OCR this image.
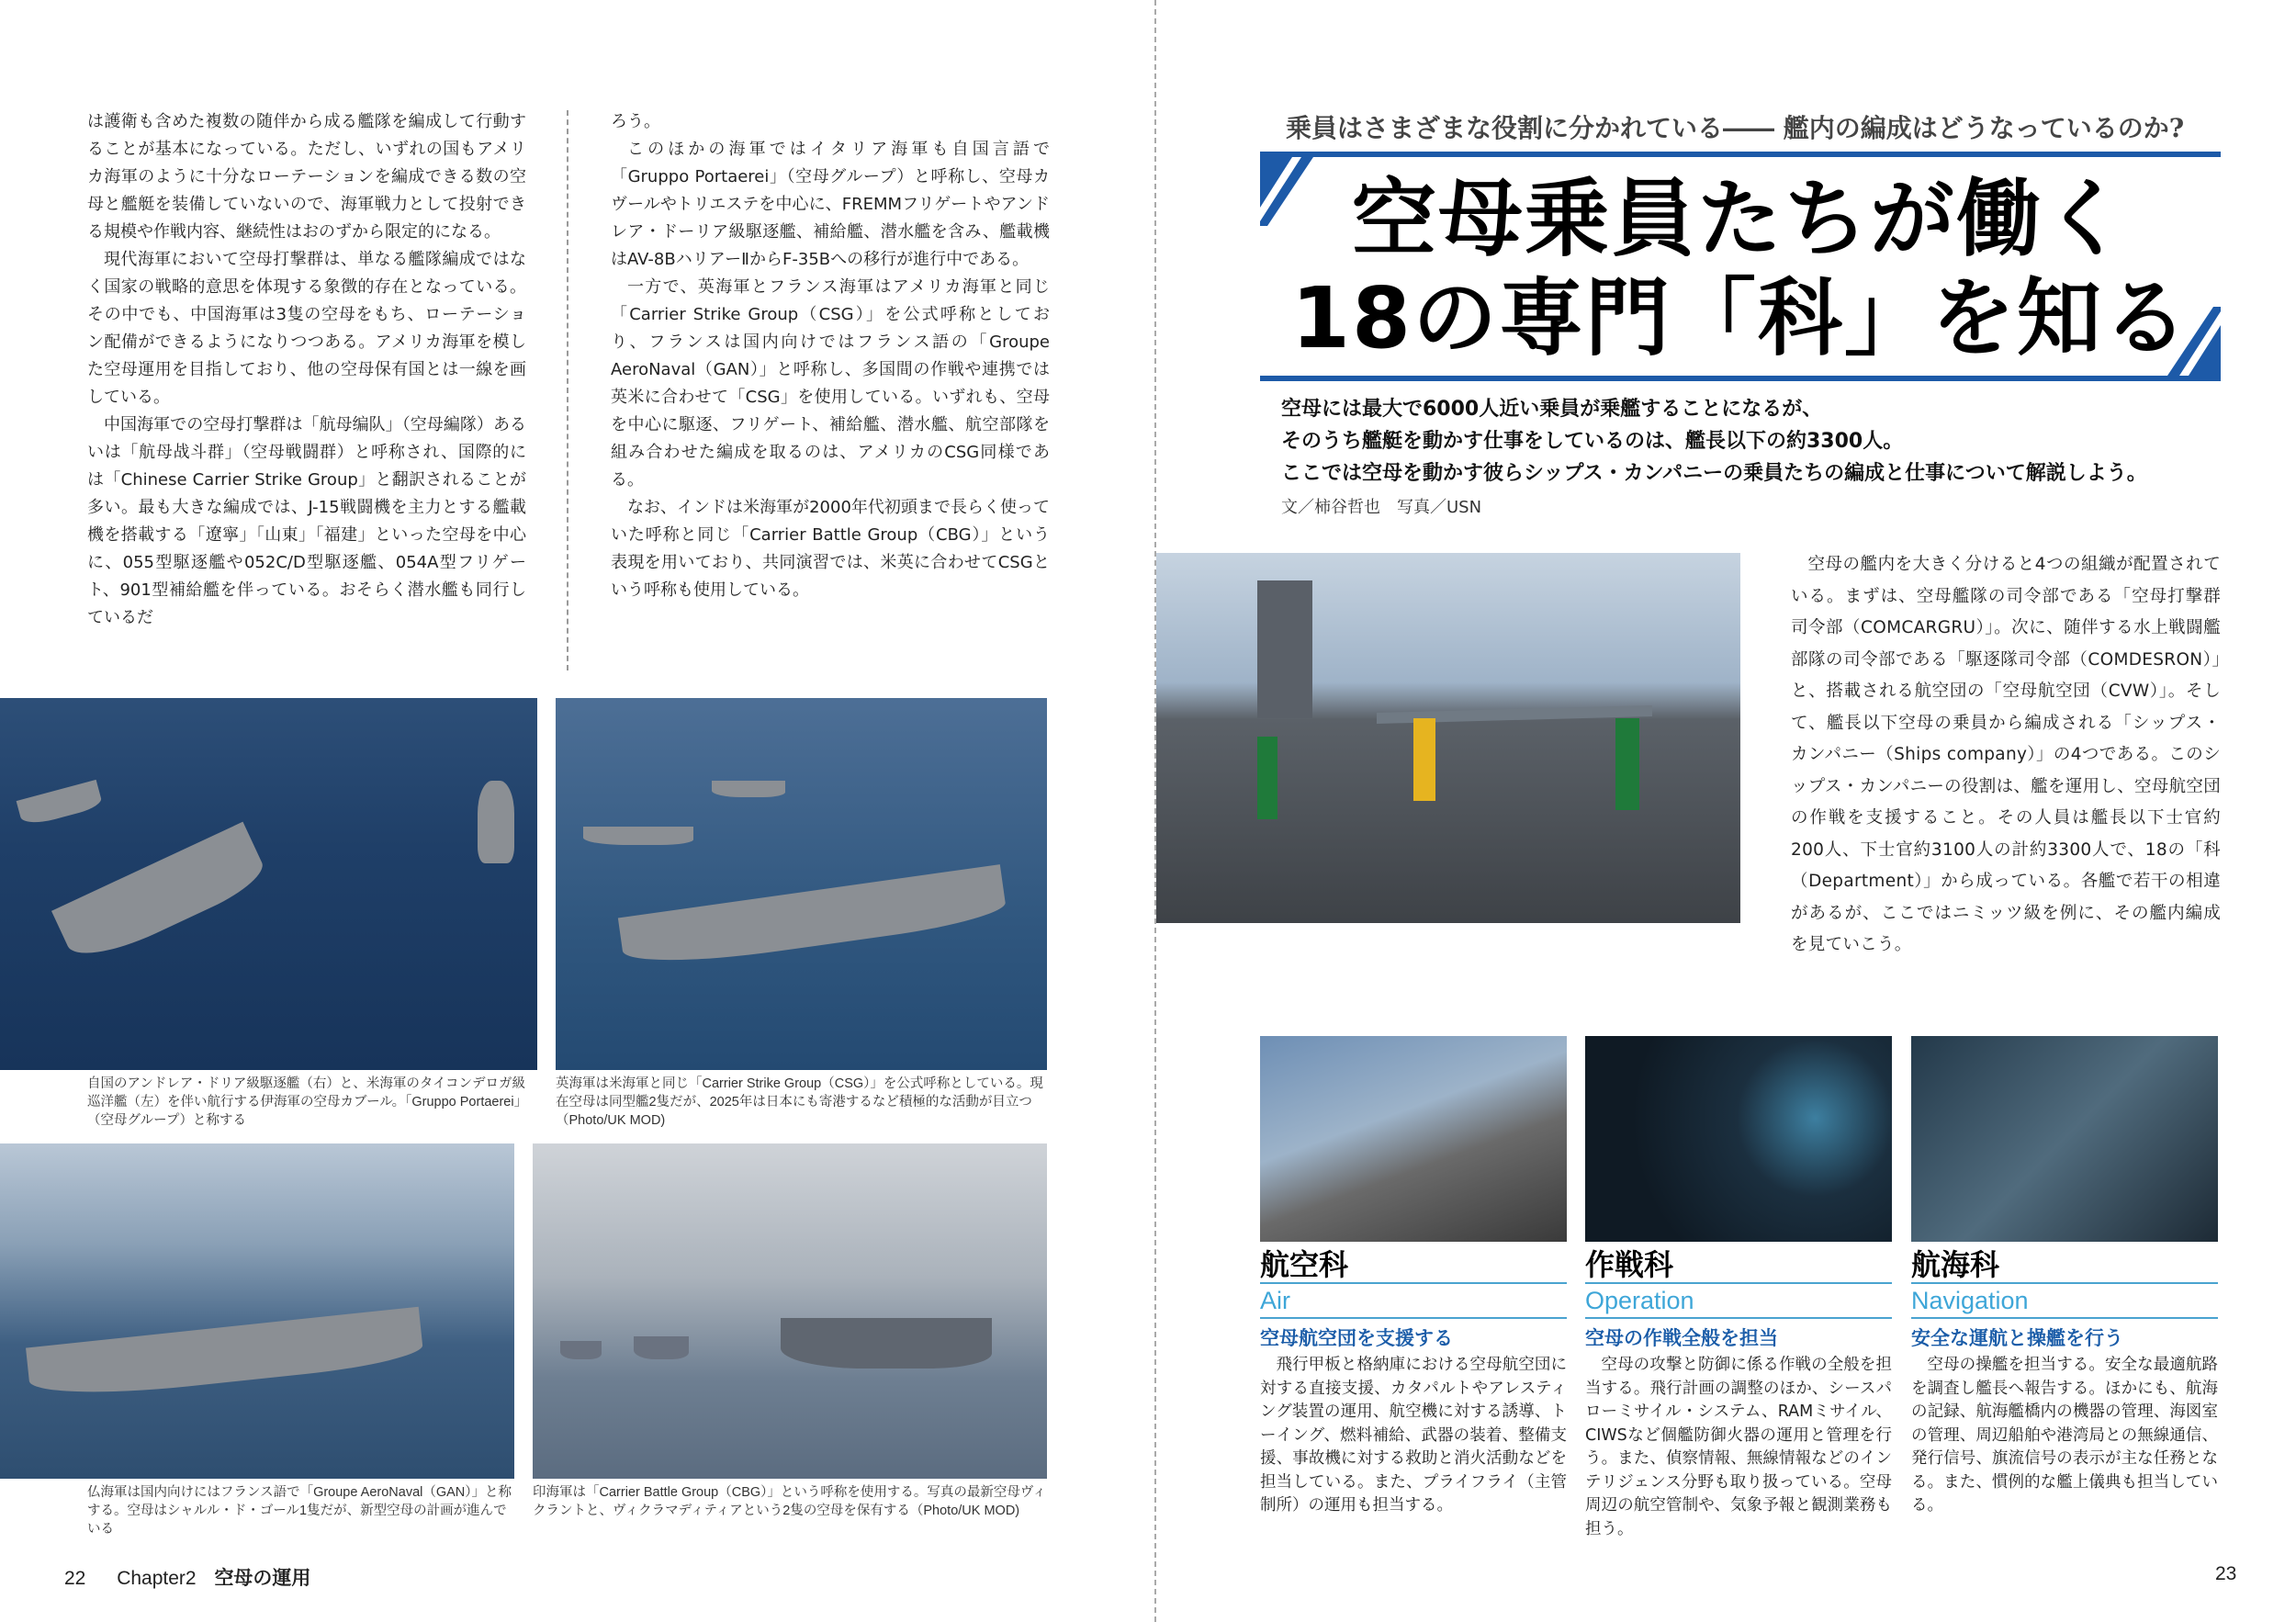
は護衛も含めた複数の随伴から成る艦隊を編成して行動することが基本になっている。ただし、いずれの国もアメリカ海軍のように十分なローテーションを編成できる数の空母と艦艇を装備していないので、海軍戦力として投射できる規模や作戦内容、継続性はおのずから限定的になる。

現代海軍において空母打撃群は、単なる艦隊編成ではなく国家の戦略的意思を体現する象徴的存在となっている。その中でも、中国海軍は3隻の空母をもち、ローテーション配備ができるようになりつつある。アメリカ海軍を模した空母運用を目指しており、他の空母保有国とは一線を画している。

中国海軍での空母打撃群は「航母编队」（空母編隊）あるいは「航母战斗群」（空母戦闘群）と呼称され、国際的には「Chinese Carrier Strike Group」と翻訳されることが多い。最も大きな編成では、J-15戦闘機を主力とする艦載機を搭載する「遼寧」「山東」「福建」といった空母を中心に、055型駆逐艦や052C/D型駆逐艦、054A型フリゲート、901型補給艦を伴っている。おそらく潜水艦も同行しているだ

ろう。

このほかの海軍ではイタリア海軍も自国言語で「Gruppo Portaerei」（空母グループ）と呼称し、空母カヴールやトリエステを中心に、FREMMフリゲートやアンドレア・ドーリア級駆逐艦、補給艦、潜水艦を含み、艦載機はAV-8BハリアーⅡからF-35Bへの移行が進行中である。

一方で、英海軍とフランス海軍はアメリカ海軍と同じ「Carrier Strike Group（CSG）」を公式呼称としており、フランスは国内向けではフランス語の「Groupe AeroNaval（GAN）」と呼称し、多国間の作戦や連携では英米に合わせて「CSG」を使用している。いずれも、空母を中心に駆逐、フリゲート、補給艦、潜水艦、航空部隊を組み合わせた編成を取るのは、アメリカのCSG同様である。

なお、インドは米海軍が2000年代初頭まで長らく使っていた呼称と同じ「Carrier Battle Group（CBG）」という表現を用いており、共同演習では、米英に合わせてCSGという呼称も使用している。

自国のアンドレア・ドリア級駆逐艦（右）と、米海軍のタイコンデロガ級巡洋艦（左）を伴い航行する伊海軍の空母カブール。「Gruppo Portaerei」（空母グループ）と称する
英海軍は米海軍と同じ「Carrier Strike Group（CSG）」を公式呼称としている。現在空母は同型艦2隻だが、2025年は日本にも寄港するなど積極的な活動が目立つ（Photo/UK MOD)
仏海軍は国内向けにはフランス語で「Groupe AeroNaval（GAN）」と称する。空母はシャルル・ド・ゴール1隻だが、新型空母の計画が進んでいる
印海軍は「Carrier Battle Group（CBG）」という呼称を使用する。写真の最新空母ヴィクラントと、ヴィクラマディティアという2隻の空母を保有する（Photo/UK MOD)
22 Chapter2 空母の運用
乗員はさまざまな役割に分かれている―― 艦内の編成はどうなっているのか?
空母乗員たちが働く
18の専門「科」を知る
空母には最大で6000人近い乗員が乗艦することになるが、
そのうち艦艇を動かす仕事をしているのは、艦長以下の約3300人。
ここでは空母を動かす彼らシップス・カンパニーの乗員たちの編成と仕事について解説しよう。
文／柿谷哲也　写真／USN

空母の艦内を大きく分けると4つの組織が配置されている。まずは、空母艦隊の司令部である「空母打撃群司令部（COMCARGRU）」。次に、随伴する水上戦闘艦部隊の司令部である「駆逐隊司令部（COMDESRON）」と、搭載される航空団の「空母航空団（CVW）」。そして、艦長以下空母の乗員から編成される「シップス・カンパニー（Ships company）」の4つである。このシップス・カンパニーの役割は、艦を運用し、空母航空団の作戦を支援すること。その人員は艦長以下士官約200人、下士官約3100人の計約3300人で、18の「科（Department）」から成っている。各艦で若干の相違があるが、ここではニミッツ級を例に、その艦内編成を見ていこう。

航空科
Air
空母航空団を支援する
飛行甲板と格納庫における空母航空団に対する直接支援、カタパルトやアレスティング装置の運用、航空機に対する誘導、トーイング、燃料補給、武器の装着、整備支援、事故機に対する救助と消火活動などを担当している。また、プライフライ（主管制所）の運用も担当する。
作戦科
Operation
空母の作戦全般を担当
空母の攻撃と防御に係る作戦の全般を担当する。飛行計画の調整のほか、シースパローミサイル・システム、RAMミサイル、CIWSなど個艦防御火器の運用と管理を行う。また、偵察情報、無線情報などのインテリジェンス分野も取り扱っている。空母周辺の航空管制や、気象予報と観測業務も担う。
航海科
Navigation
安全な運航と操艦を行う
空母の操艦を担当する。安全な最適航路を調査し艦長へ報告する。ほかにも、航海の記録、航海艦橋内の機器の管理、海図室の管理、周辺船舶や港湾局との無線通信、発行信号、旗流信号の表示が主な任務となる。また、慣例的な艦上儀典も担当している。
23
